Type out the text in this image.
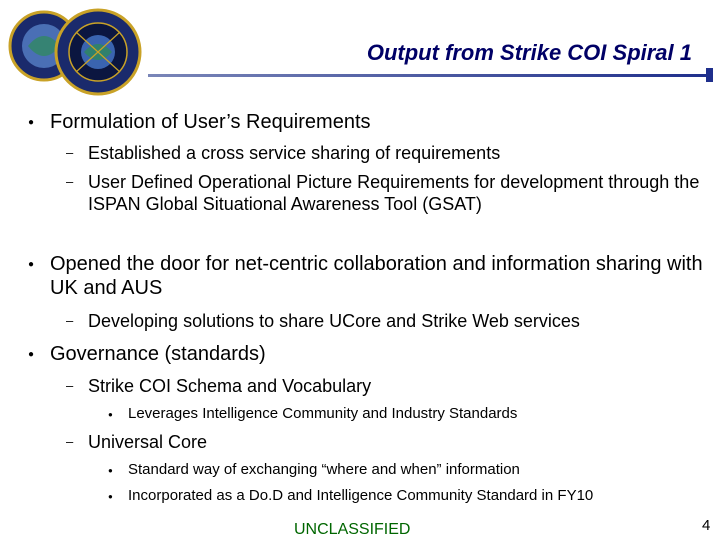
Output from Strike COI Spiral 1
● Formulation of User’s Requirements
– Established a cross service sharing of requirements
– User Defined Operational Picture Requirements for development through the ISPAN Global Situational Awareness Tool (GSAT)
● Opened the door for net-centric collaboration and information sharing with UK and AUS
– Developing solutions to share UCore and Strike Web services
● Governance (standards)
– Strike COI Schema and Vocabulary
● Leverages Intelligence Community and Industry Standards
– Universal Core
● Standard way of exchanging “where and when” information
● Incorporated as a Do.D and Intelligence Community Standard in FY10
UNCLASSIFIED	4
